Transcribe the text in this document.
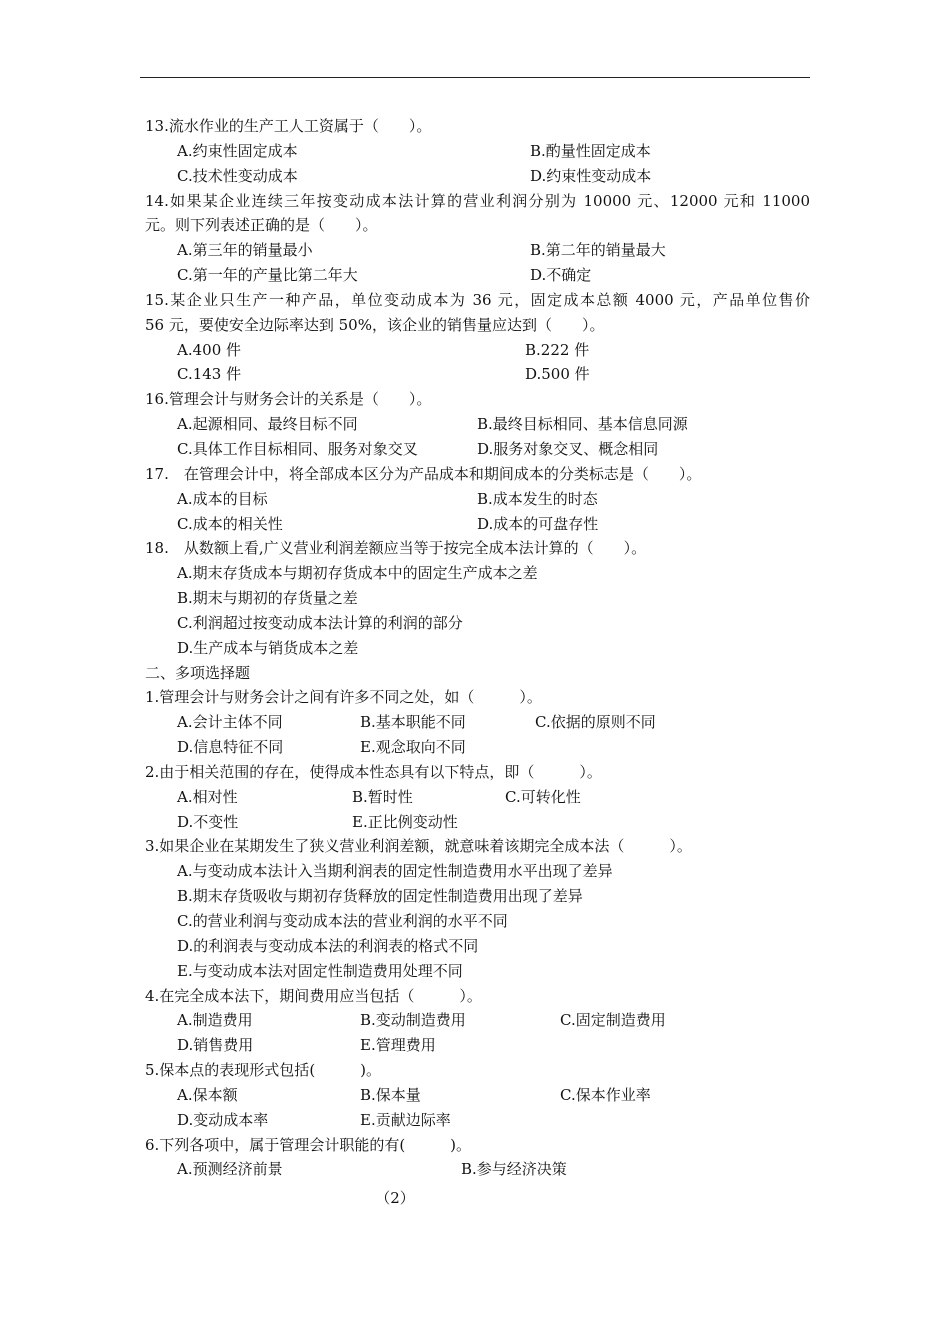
13.流水作业的生产工人工资属于（　　）。
A.约束性固定成本	B.酌量性固定成本
C.技术性变动成本	D.约束性变动成本
14.如果某企业连续三年按变动成本法计算的营业利润分别为 10000 元、12000 元和 11000
元。则下列表述正确的是（　　）。
A.第三年的销量最小	B.第二年的销量最大
C.第一年的产量比第二年大	D.不确定
15.某企业只生产一种产品，单位变动成本为 36 元，固定成本总额 4000 元，产品单位售价
56 元，要使安全边际率达到 50%，该企业的销售量应达到（　　）。
A.400 件	B.222 件
C.143 件	D.500 件
16.管理会计与财务会计的关系是（　　）。
A.起源相同、最终目标不同	B.最终目标相同、基本信息同源
C.具体工作目标相同、服务对象交叉	D.服务对象交叉、概念相同
17.　在管理会计中，将全部成本区分为产品成本和期间成本的分类标志是（　　）。
A.成本的目标	B.成本发生的时态
C.成本的相关性	D.成本的可盘存性
18.　从数额上看,广义营业利润差额应当等于按完全成本法计算的（　　）。
A.期末存货成本与期初存货成本中的固定生产成本之差
B.期末与期初的存货量之差
C.利润超过按变动成本法计算的利润的部分
D.生产成本与销货成本之差
二、多项选择题
1.管理会计与财务会计之间有许多不同之处，如（　　　）。
A.会计主体不同	B.基本职能不同	C.依据的原则不同
D.信息特征不同	E.观念取向不同
2.由于相关范围的存在，使得成本性态具有以下特点，即（　　　）。
A.相对性	B.暂时性	C.可转化性
D.不变性	E.正比例变动性
3.如果企业在某期发生了狭义营业利润差额，就意味着该期完全成本法（　　　）。
A.与变动成本法计入当期利润表的固定性制造费用水平出现了差异
B.期末存货吸收与期初存货释放的固定性制造费用出现了差异
C.的营业利润与变动成本法的营业利润的水平不同
D.的利润表与变动成本法的利润表的格式不同
E.与变动成本法对固定性制造费用处理不同
4.在完全成本法下，期间费用应当包括（　　　）。
A.制造费用	B.变动制造费用	C.固定制造费用
D.销售费用	E.管理费用
5.保本点的表现形式包括(　　　)。
A.保本额	B.保本量	C.保本作业率
D.变动成本率	E.贡献边际率
6.下列各项中，属于管理会计职能的有(　　　)。
A.预测经济前景	B.参与经济决策
（2）
